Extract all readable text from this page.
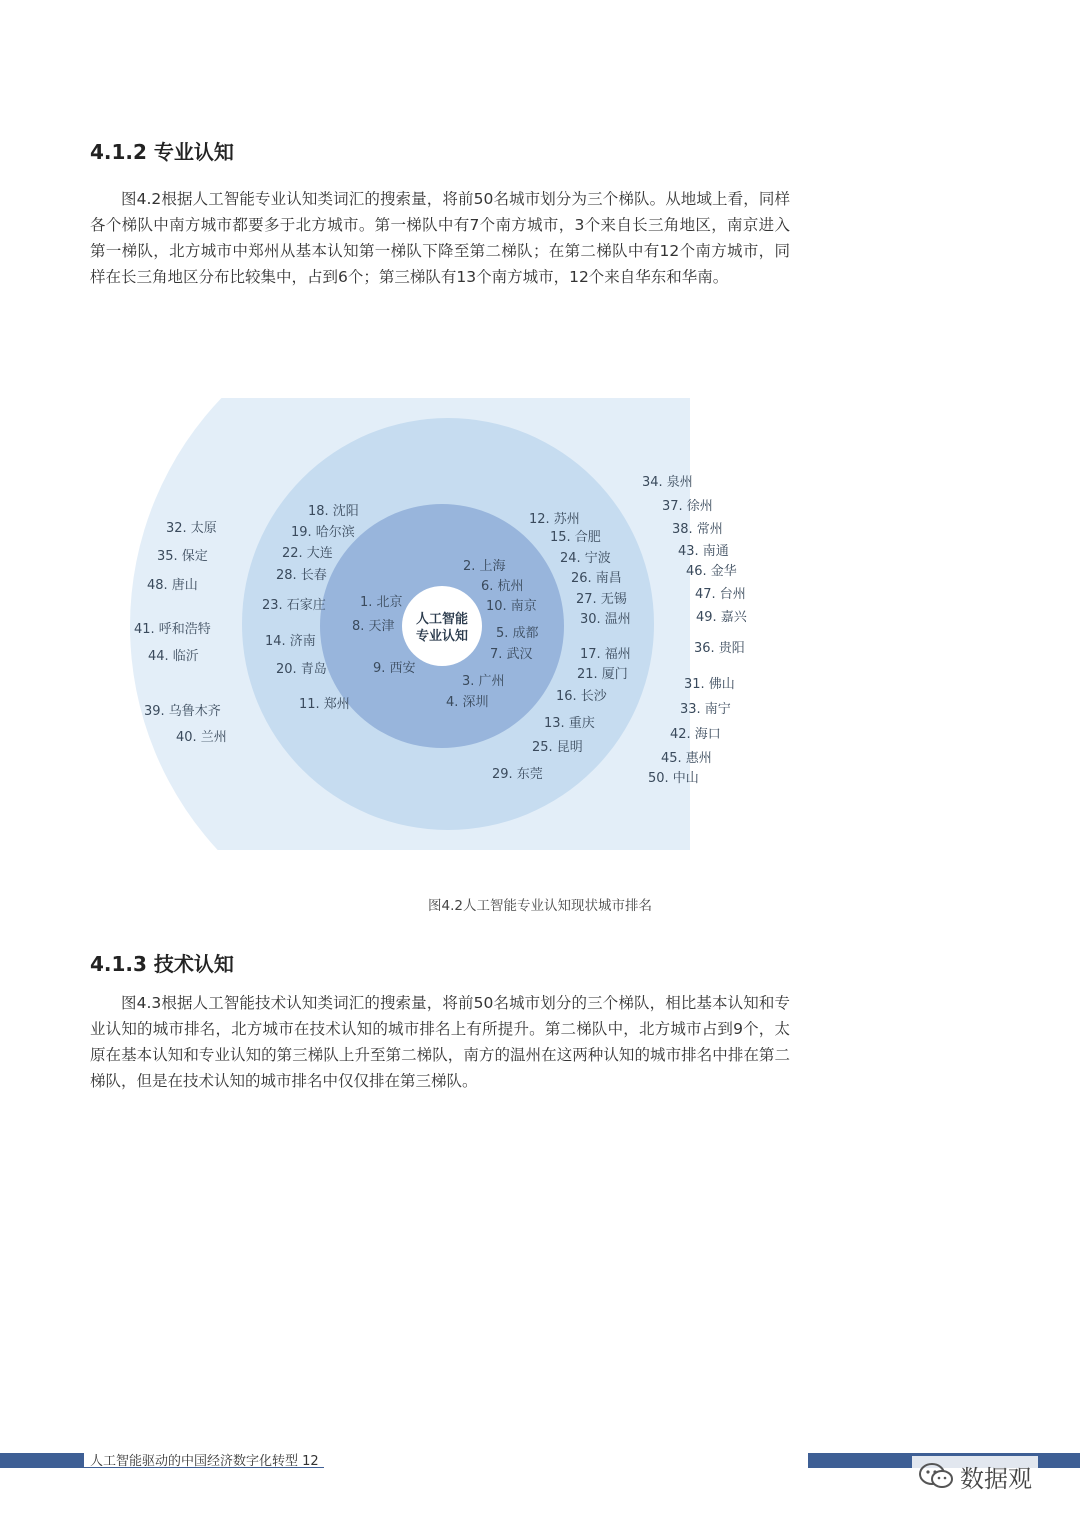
4.1.2 专业认知

图4.2根据人工智能专业认知类词汇的搜索量，将前50名城市划分为三个梯队。从地域上看，同样各个梯队中南方城市都要多于北方城市。第一梯队中有7个南方城市，3个来自长三角地区，南京进入第一梯队，北方城市中郑州从基本认知第一梯队下降至第二梯队；在第二梯队中有12个南方城市，同样在长三角地区分布比较集中，占到6个；第三梯队有13个南方城市，12个来自华东和华南。

人工智能
专业认知
1. 北京
8. 天津
9. 西安
2. 上海
6. 杭州
10. 南京
5. 成都
7. 武汉
3. 广州
4. 深圳
18. 沈阳
19. 哈尔滨
22. 大连
28. 长春
23. 石家庄
14. 济南
20. 青岛
11. 郑州
12. 苏州
15. 合肥
24. 宁波
26. 南昌
27. 无锡
30. 温州
17. 福州
21. 厦门
16. 长沙
13. 重庆
25. 昆明
29. 东莞
32. 太原
35. 保定
48. 唐山
41. 呼和浩特
44. 临沂
39. 乌鲁木齐
40. 兰州
34. 泉州
37. 徐州
38. 常州
43. 南通
46. 金华
47. 台州
49. 嘉兴
36. 贵阳
31. 佛山
33. 南宁
42. 海口
45. 惠州
50. 中山

图4.2人工智能专业认知现状城市排名

4.1.3 技术认知

图4.3根据人工智能技术认知类词汇的搜索量，将前50名城市划分的三个梯队，相比基本认知和专业认知的城市排名，北方城市在技术认知的城市排名上有所提升。第二梯队中，北方城市占到9个，太原在基本认知和专业认知的第三梯队上升至第二梯队，南方的温州在这两种认知的城市排名中排在第二梯队，但是在技术认知的城市排名中仅仅排在第三梯队。

人工智能驱动的中国经济数字化转型 12
数据观
